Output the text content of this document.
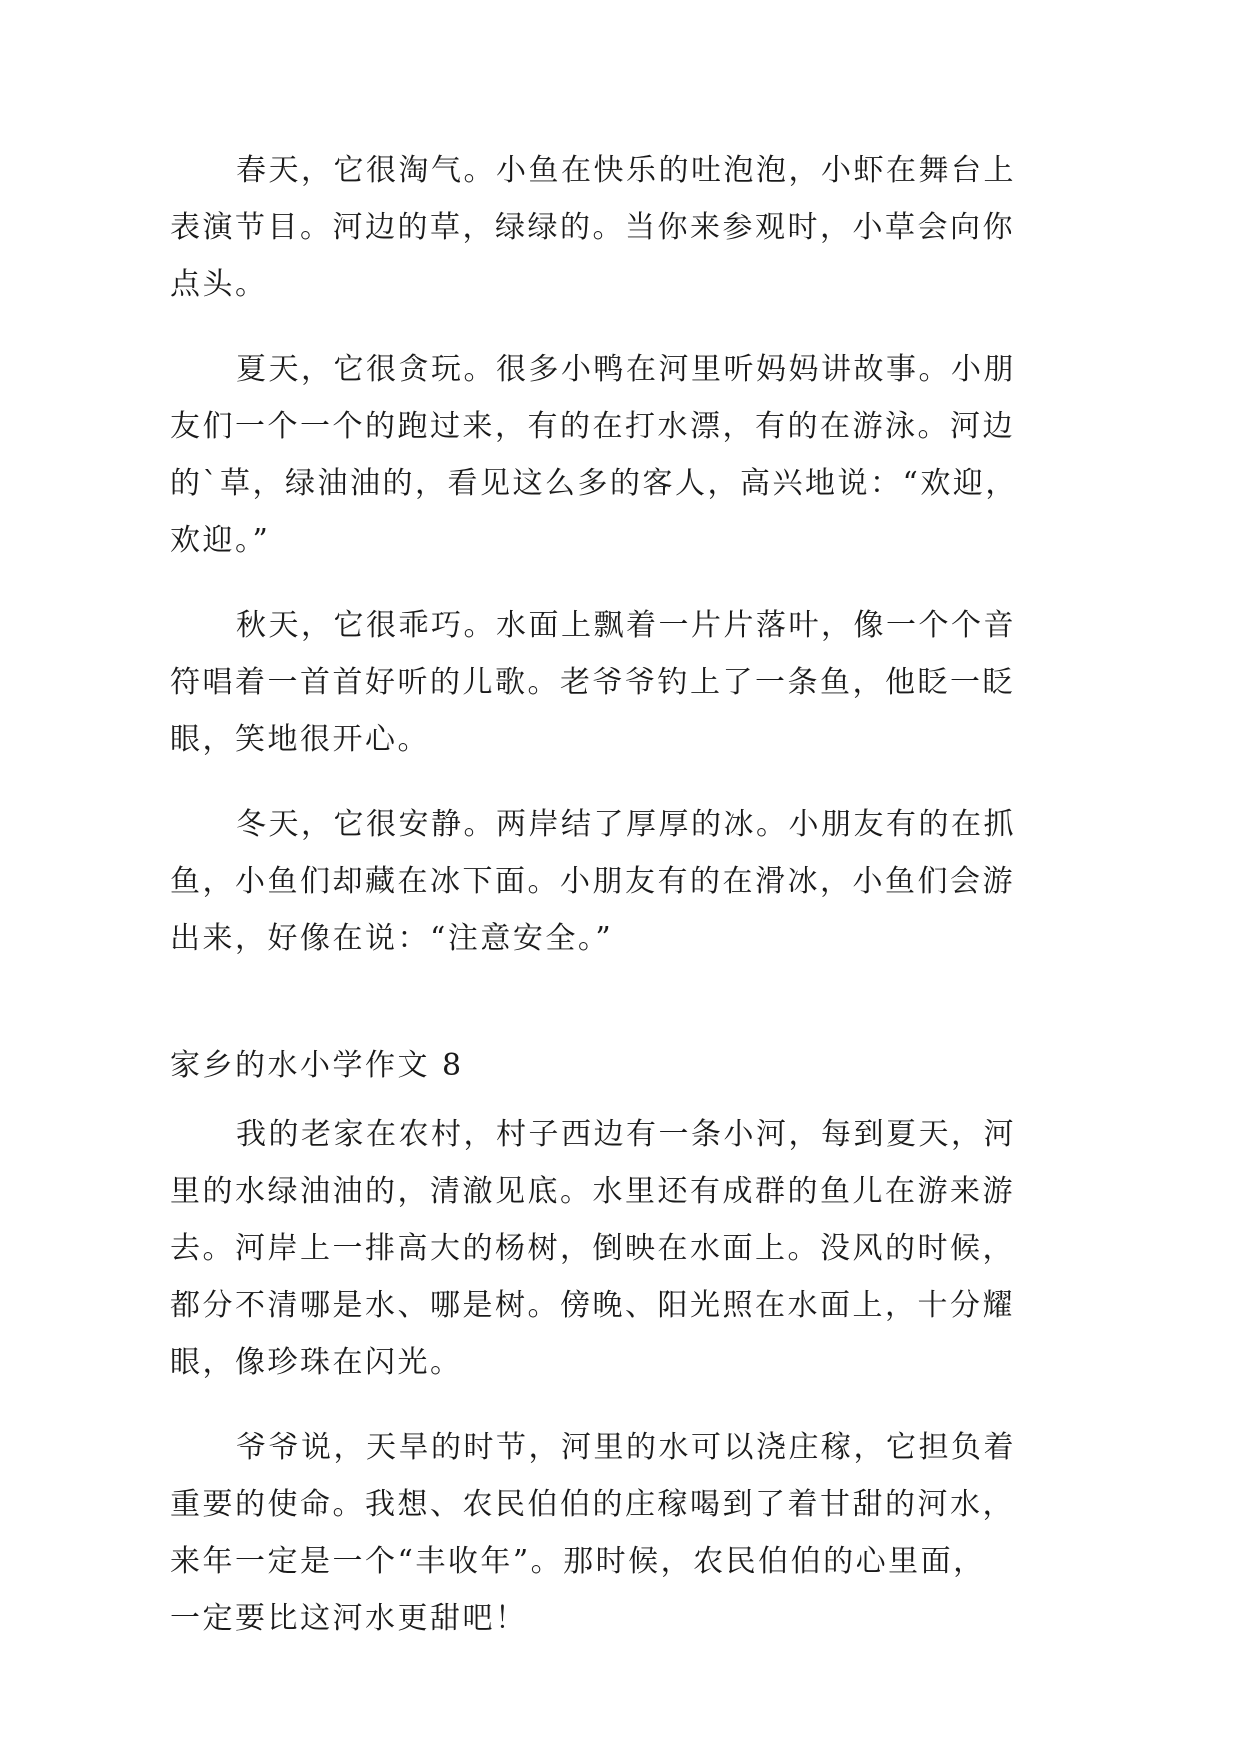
春天，它很淘气。小鱼在快乐的吐泡泡，小虾在舞台上
表演节目。河边的草，绿绿的。当你来参观时，小草会向你
点头。

夏天，它很贪玩。很多小鸭在河里听妈妈讲故事。小朋
友们一个一个的跑过来，有的在打水漂，有的在游泳。河边
的`草，绿油油的，看见这么多的客人，高兴地说：“欢迎，
欢迎。”

秋天，它很乖巧。水面上飘着一片片落叶，像一个个音
符唱着一首首好听的儿歌。老爷爷钓上了一条鱼，他眨一眨
眼，笑地很开心。

冬天，它很安静。两岸结了厚厚的冰。小朋友有的在抓
鱼，小鱼们却藏在冰下面。小朋友有的在滑冰，小鱼们会游
出来，好像在说：“注意安全。”

家乡的水小学作文 8

我的老家在农村，村子西边有一条小河，每到夏天，河
里的水绿油油的，清澈见底。水里还有成群的鱼儿在游来游
去。河岸上一排高大的杨树，倒映在水面上。没风的时候，
都分不清哪是水、哪是树。傍晚、阳光照在水面上，十分耀
眼，像珍珠在闪光。

爷爷说，天旱的时节，河里的水可以浇庄稼，它担负着
重要的使命。我想、农民伯伯的庄稼喝到了着甘甜的河水，
来年一定是一个“丰收年”。那时候，农民伯伯的心里面，
一定要比这河水更甜吧！
